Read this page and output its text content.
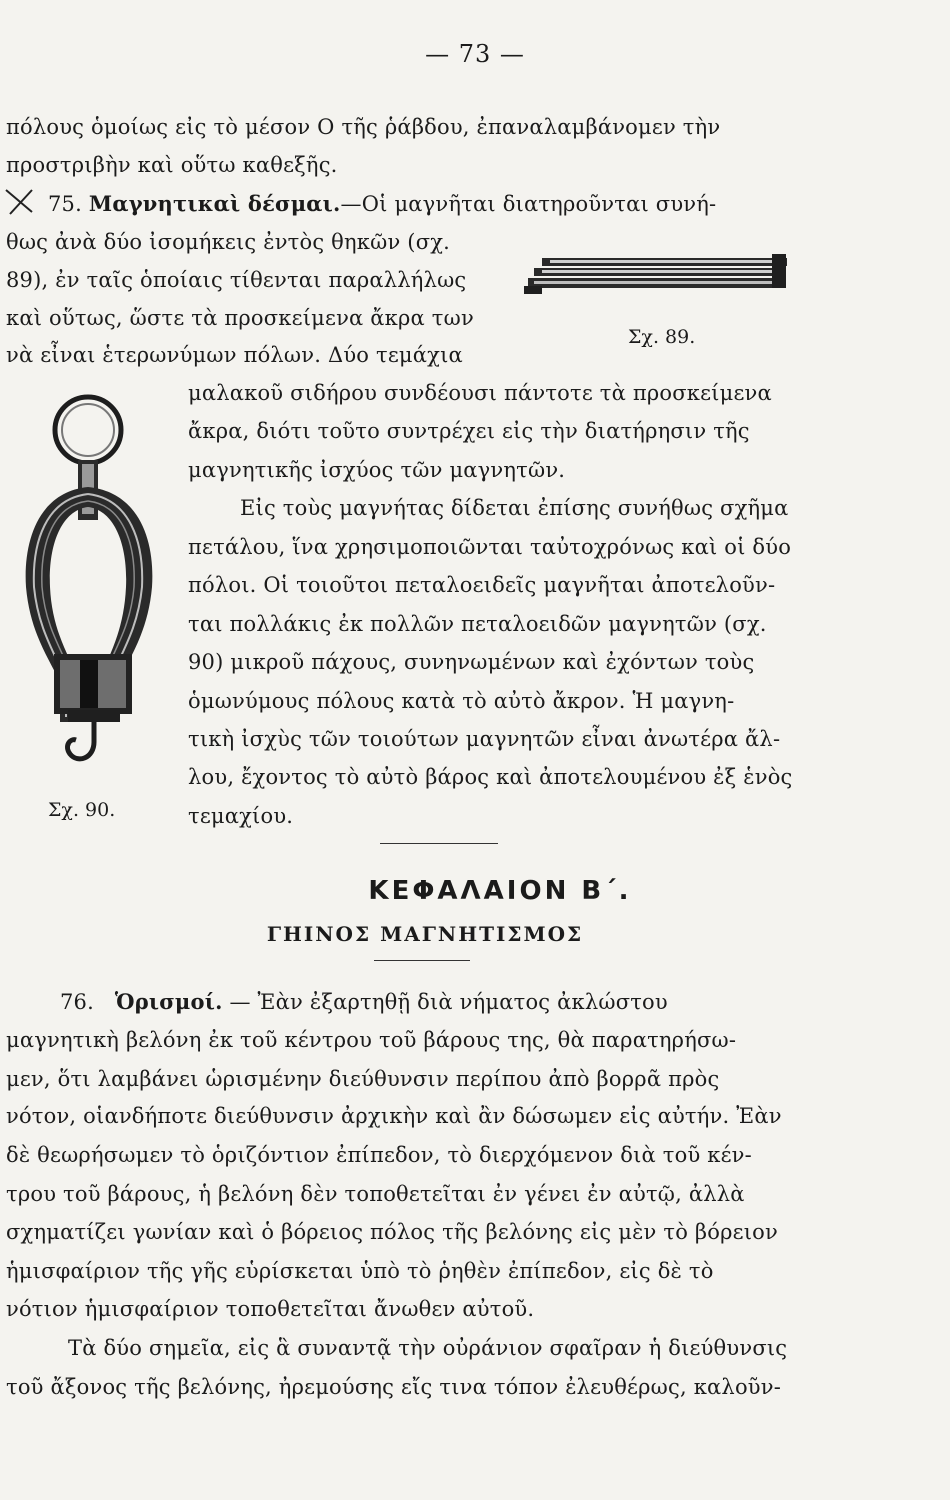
— 73 —
πόλους ὁμοίως εἰς τὸ μέσον Ο τῆς ῥάβδου, ἐπαναλαμβάνομεν τὴν
προστριβὴν καὶ οὕτω καθεξῆς.
75. Μαγνητικαὶ δέσμαι.—Οἱ μαγνῆται διατηροῦνται συνή-
θως ἀνὰ δύο ἰσομήκεις ἐντὸς θηκῶν (σχ.
89), ἐν ταῖς ὁποίαις τίθενται παραλλήλως
καὶ οὕτως, ὥστε τὰ προσκείμενα ἄκρα των
νὰ εἶναι ἑτερωνύμων πόλων. Δύο τεμάχια
Σχ. 89.
μαλακοῦ σιδήρου συνδέουσι πάντοτε τὰ προσκείμενα
ἄκρα, διότι τοῦτο συντρέχει εἰς τὴν διατήρησιν τῆς
μαγνητικῆς ἰσχύος τῶν μαγνητῶν.
Εἰς τοὺς μαγνήτας δίδεται ἐπίσης συνήθως σχῆμα
πετάλου, ἵνα χρησιμοποιῶνται ταὐτοχρόνως καὶ οἱ δύο
πόλοι. Οἱ τοιοῦτοι πεταλοειδεῖς μαγνῆται ἀποτελοῦν-
ται πολλάκις ἐκ πολλῶν πεταλοειδῶν μαγνητῶν (σχ.
90) μικροῦ πάχους, συνηνωμένων καὶ ἐχόντων τοὺς
ὁμωνύμους πόλους κατὰ τὸ αὐτὸ ἄκρον. Ἡ μαγνη-
τικὴ ἰσχὺς τῶν τοιούτων μαγνητῶν εἶναι ἀνωτέρα ἄλ-
λου, ἔχοντος τὸ αὐτὸ βάρος καὶ ἀποτελουμένου ἐξ ἑνὸς
τεμαχίου.
Σχ. 90.
ΚΕΦΑΛΑΙΟΝ Β΄.
ΓΗΙΝΟΣ ΜΑΓΝΗΤΙΣΜΟΣ
76. Ὁρισμοί. — Ἐὰν ἐξαρτηθῇ διὰ νήματος ἀκλώστου
μαγνητικὴ βελόνη ἐκ τοῦ κέντρου τοῦ βάρους της, θὰ παρατηρήσω-
μεν, ὅτι λαμβάνει ὡρισμένην διεύθυνσιν περίπου ἀπὸ βορρᾶ πρὸς
νότον, οἱανδήποτε διεύθυνσιν ἀρχικὴν καὶ ἂν δώσωμεν εἰς αὐτήν. Ἐὰν
δὲ θεωρήσωμεν τὸ ὁριζόντιον ἐπίπεδον, τὸ διερχόμενον διὰ τοῦ κέν-
τρου τοῦ βάρους, ἡ βελόνη δὲν τοποθετεῖται ἐν γένει ἐν αὐτῷ, ἀλλὰ
σχηματίζει γωνίαν καὶ ὁ βόρειος πόλος τῆς βελόνης εἰς μὲν τὸ βόρειον
ἡμισφαίριον τῆς γῆς εὑρίσκεται ὑπὸ τὸ ῥηθὲν ἐπίπεδον, εἰς δὲ τὸ
νότιον ἡμισφαίριον τοποθετεῖται ἄνωθεν αὐτοῦ.
Τὰ δύο σημεῖα, εἰς ἃ συναντᾷ τὴν οὐράνιον σφαῖραν ἡ διεύθυνσις
τοῦ ἄξονος τῆς βελόνης, ἠρεμούσης εἴς τινα τόπον ἐλευθέρως, καλοῦν-
